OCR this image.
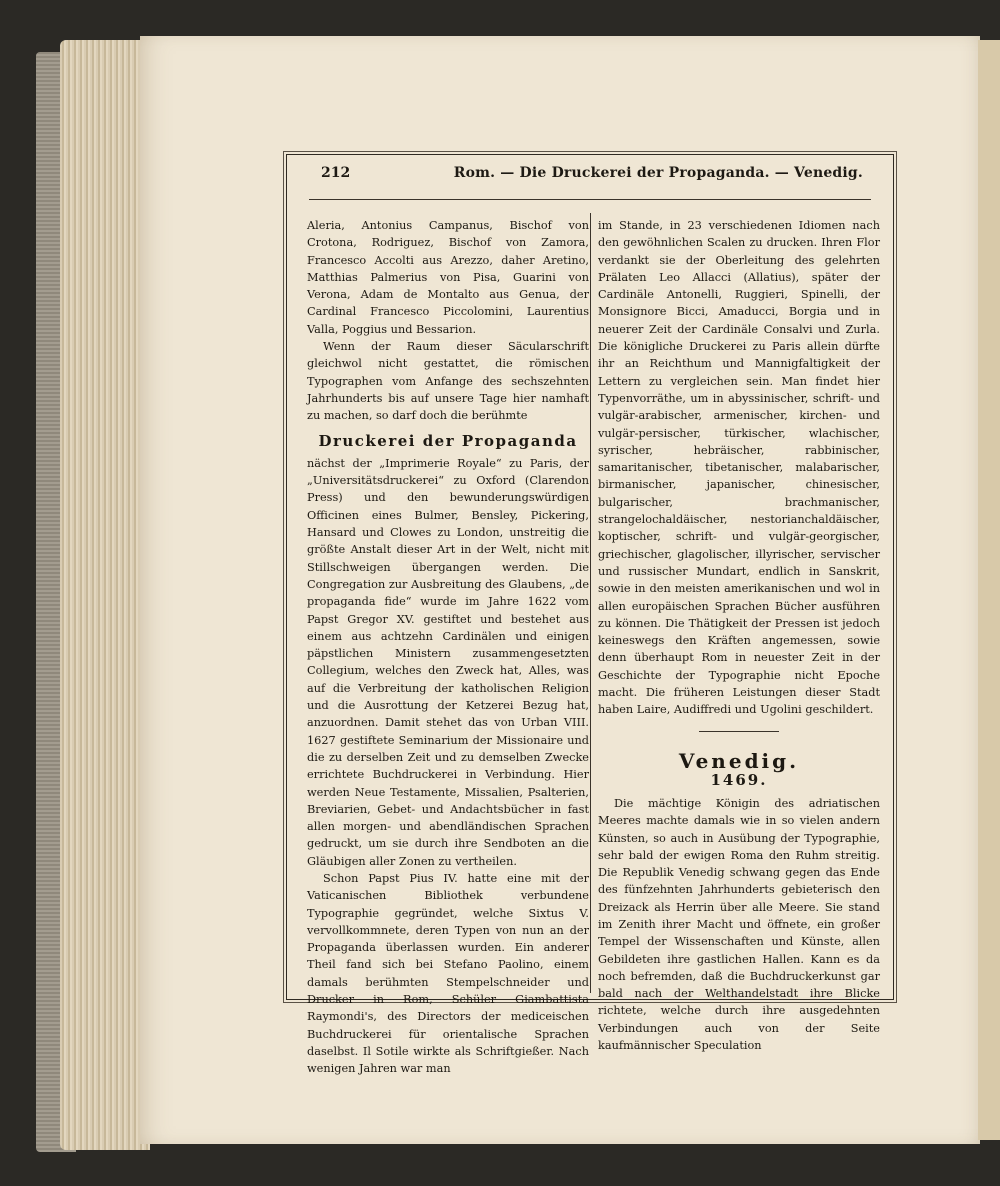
212	Rom. — Die Druckerei der Propaganda. — Venedig.

Aleria, Antonius Campanus, Bischof von Crotona, Rodriguez, Bischof von Zamora, Francesco Accolti aus Arezzo, daher Aretino, Matthias Palmerius von Pisa, Guarini von Verona, Adam de Montalto aus Genua, der Cardinal Francesco Piccolomini, Laurentius Valla, Poggius und Bessarion.

Wenn der Raum dieser Säcularschrift gleichwol nicht gestattet, die römischen Typographen vom Anfange des sechszehnten Jahrhunderts bis auf unsere Tage hier namhaft zu machen, so darf doch die berühmte

Druckerei der Propaganda

nächst der „Imprimerie Royale“ zu Paris, der „Universitätsdruckerei“ zu Oxford (Clarendon Press) und den bewunderungswürdigen Officinen eines Bulmer, Bensley, Pickering, Hansard und Clowes zu London, unstreitig die größte Anstalt dieser Art in der Welt, nicht mit Stillschweigen übergangen werden. Die Congregation zur Ausbreitung des Glaubens, „de propaganda fide“ wurde im Jahre 1622 vom Papst Gregor XV. gestiftet und bestehet aus einem aus achtzehn Cardinälen und einigen päpstlichen Ministern zusammengesetzten Collegium, welches den Zweck hat, Alles, was auf die Verbreitung der katholischen Religion und die Ausrottung der Ketzerei Bezug hat, anzuordnen. Damit stehet das von Urban VIII. 1627 gestiftete Seminarium der Missionaire und die zu derselben Zeit und zu demselben Zwecke errichtete Buchdruckerei in Verbindung. Hier werden Neue Testamente, Missalien, Psalterien, Breviarien, Gebet- und Andachtsbücher in fast allen morgen- und abendländischen Sprachen gedruckt, um sie durch ihre Sendboten an die Gläubigen aller Zonen zu vertheilen.

Schon Papst Pius IV. hatte eine mit der Vaticanischen Bibliothek verbundene Typographie gegründet, welche Sixtus V. vervollkommnete, deren Typen von nun an der Propaganda überlassen wurden. Ein anderer Theil fand sich bei Stefano Paolino, einem damals berühmten Stempelschneider und Drucker in Rom, Schüler Giambattista Raymondi's, des Directors der mediceischen Buchdruckerei für orientalische Sprachen daselbst. Il Sotile wirkte als Schriftgießer. Nach wenigen Jahren war man

im Stande, in 23 verschiedenen Idiomen nach den gewöhnlichen Scalen zu drucken. Ihren Flor verdankt sie der Oberleitung des gelehrten Prälaten Leo Allacci (Allatius), später der Cardinäle Antonelli, Ruggieri, Spinelli, der Monsignore Bicci, Amaducci, Borgia und in neuerer Zeit der Cardinäle Consalvi und Zurla. Die königliche Druckerei zu Paris allein dürfte ihr an Reichthum und Mannigfaltigkeit der Lettern zu vergleichen sein. Man findet hier Typenvorräthe, um in abyssinischer, schrift- und vulgär-arabischer, armenischer, kirchen- und vulgär-persischer, türkischer, wlachischer, syrischer, hebräischer, rabbinischer, samaritanischer, tibetanischer, malabarischer, birmanischer, japanischer, chinesischer, bulgarischer, brachmanischer, strangelochaldäischer, nestorianchaldäischer, koptischer, schrift- und vulgär-georgischer, griechischer, glagolischer, illyrischer, servischer und russischer Mundart, endlich in Sanskrit, sowie in den meisten amerikanischen und wol in allen europäischen Sprachen Bücher ausführen zu können. Die Thätigkeit der Pressen ist jedoch keineswegs den Kräften angemessen, sowie denn überhaupt Rom in neuester Zeit in der Geschichte der Typographie nicht Epoche macht. Die früheren Leistungen dieser Stadt haben Laire, Audiffredi und Ugolini geschildert.

Venedig.
1469.

Die mächtige Königin des adriatischen Meeres machte damals wie in so vielen andern Künsten, so auch in Ausübung der Typographie, sehr bald der ewigen Roma den Ruhm streitig. Die Republik Venedig schwang gegen das Ende des fünfzehnten Jahrhunderts gebieterisch den Dreizack als Herrin über alle Meere. Sie stand im Zenith ihrer Macht und öffnete, ein großer Tempel der Wissenschaften und Künste, allen Gebildeten ihre gastlichen Hallen. Kann es da noch befremden, daß die Buchdruckerkunst gar bald nach der Welthandelstadt ihre Blicke richtete, welche durch ihre ausgedehnten Verbindungen auch von der Seite kaufmännischer Speculation
